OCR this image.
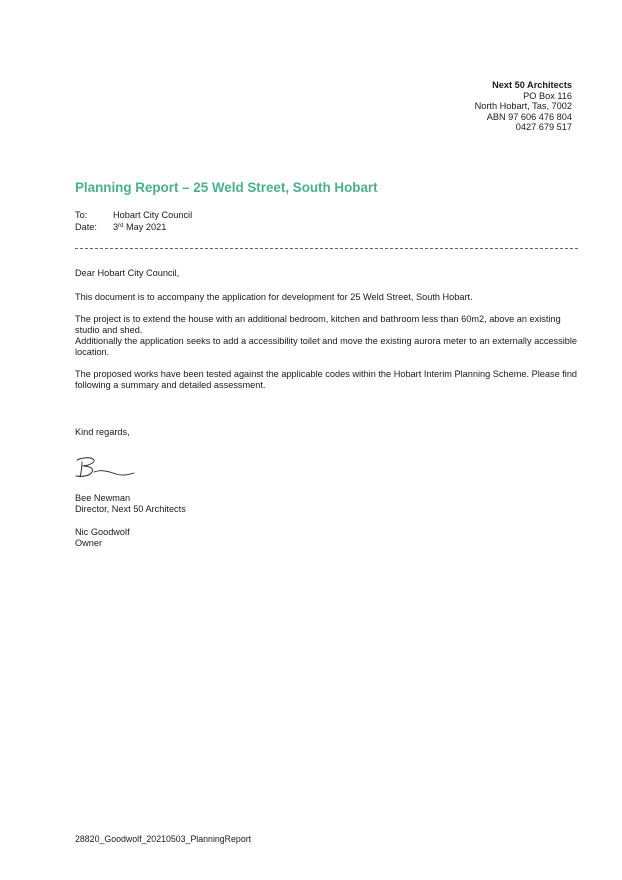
Next 50 Architects
PO Box 116
North Hobart, Tas, 7002
ABN 97 606 476 804
0427 679 517
Planning Report – 25 Weld Street, South Hobart
To:	Hobart City Council
Date:	3rd May 2021

Dear Hobart City Council,

This document is to accompany the application for development for 25 Weld Street, South Hobart.

The project is to extend the house with an additional bedroom, kitchen and bathroom less than 60m2, above an existing studio and shed.

Additionally the application seeks to add a accessibility toilet and move the existing aurora meter to an externally accessible location.

The proposed works have been tested against the applicable codes within the Hobart Interim Planning Scheme. Please find following a summary and detailed assessment.

Kind regards,
Bee Newman
Director, Next 50 Architects
Nic Goodwolf
Owner
28820_Goodwolf_20210503_PlanningReport
